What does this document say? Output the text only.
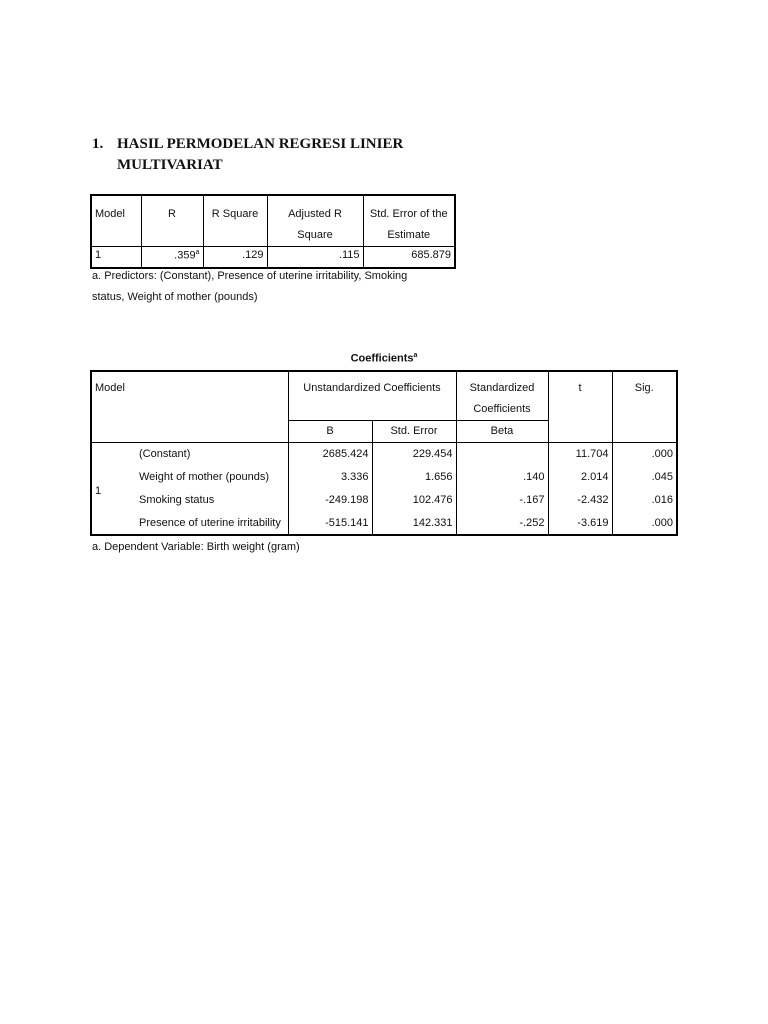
1. HASIL PERMODELAN REGRESI LINIER MULTIVARIAT
Model	R	R Square	Adjusted R Square	Std. Error of the Estimate
1	.359$^a$	.129	.115	685.879
a. Predictors: (Constant), Presence of uterine irritability, Smoking status, Weight of mother (pounds)
Coefficients$^a$
Model		Unstandardized Coefficients		Standardized Coefficients	t	Sig.
		B	Std. Error	Beta		
1	(Constant)	2685.424	229.454		11.704	.000
	Weight of mother (pounds)	3.336	1.656	.140	2.014	.045
	Smoking status	-249.198	102.476	-.167	-2.432	.016
	Presence of uterine irritability	-515.141	142.331	-.252	-3.619	.000
a. Dependent Variable: Birth weight (gram)
